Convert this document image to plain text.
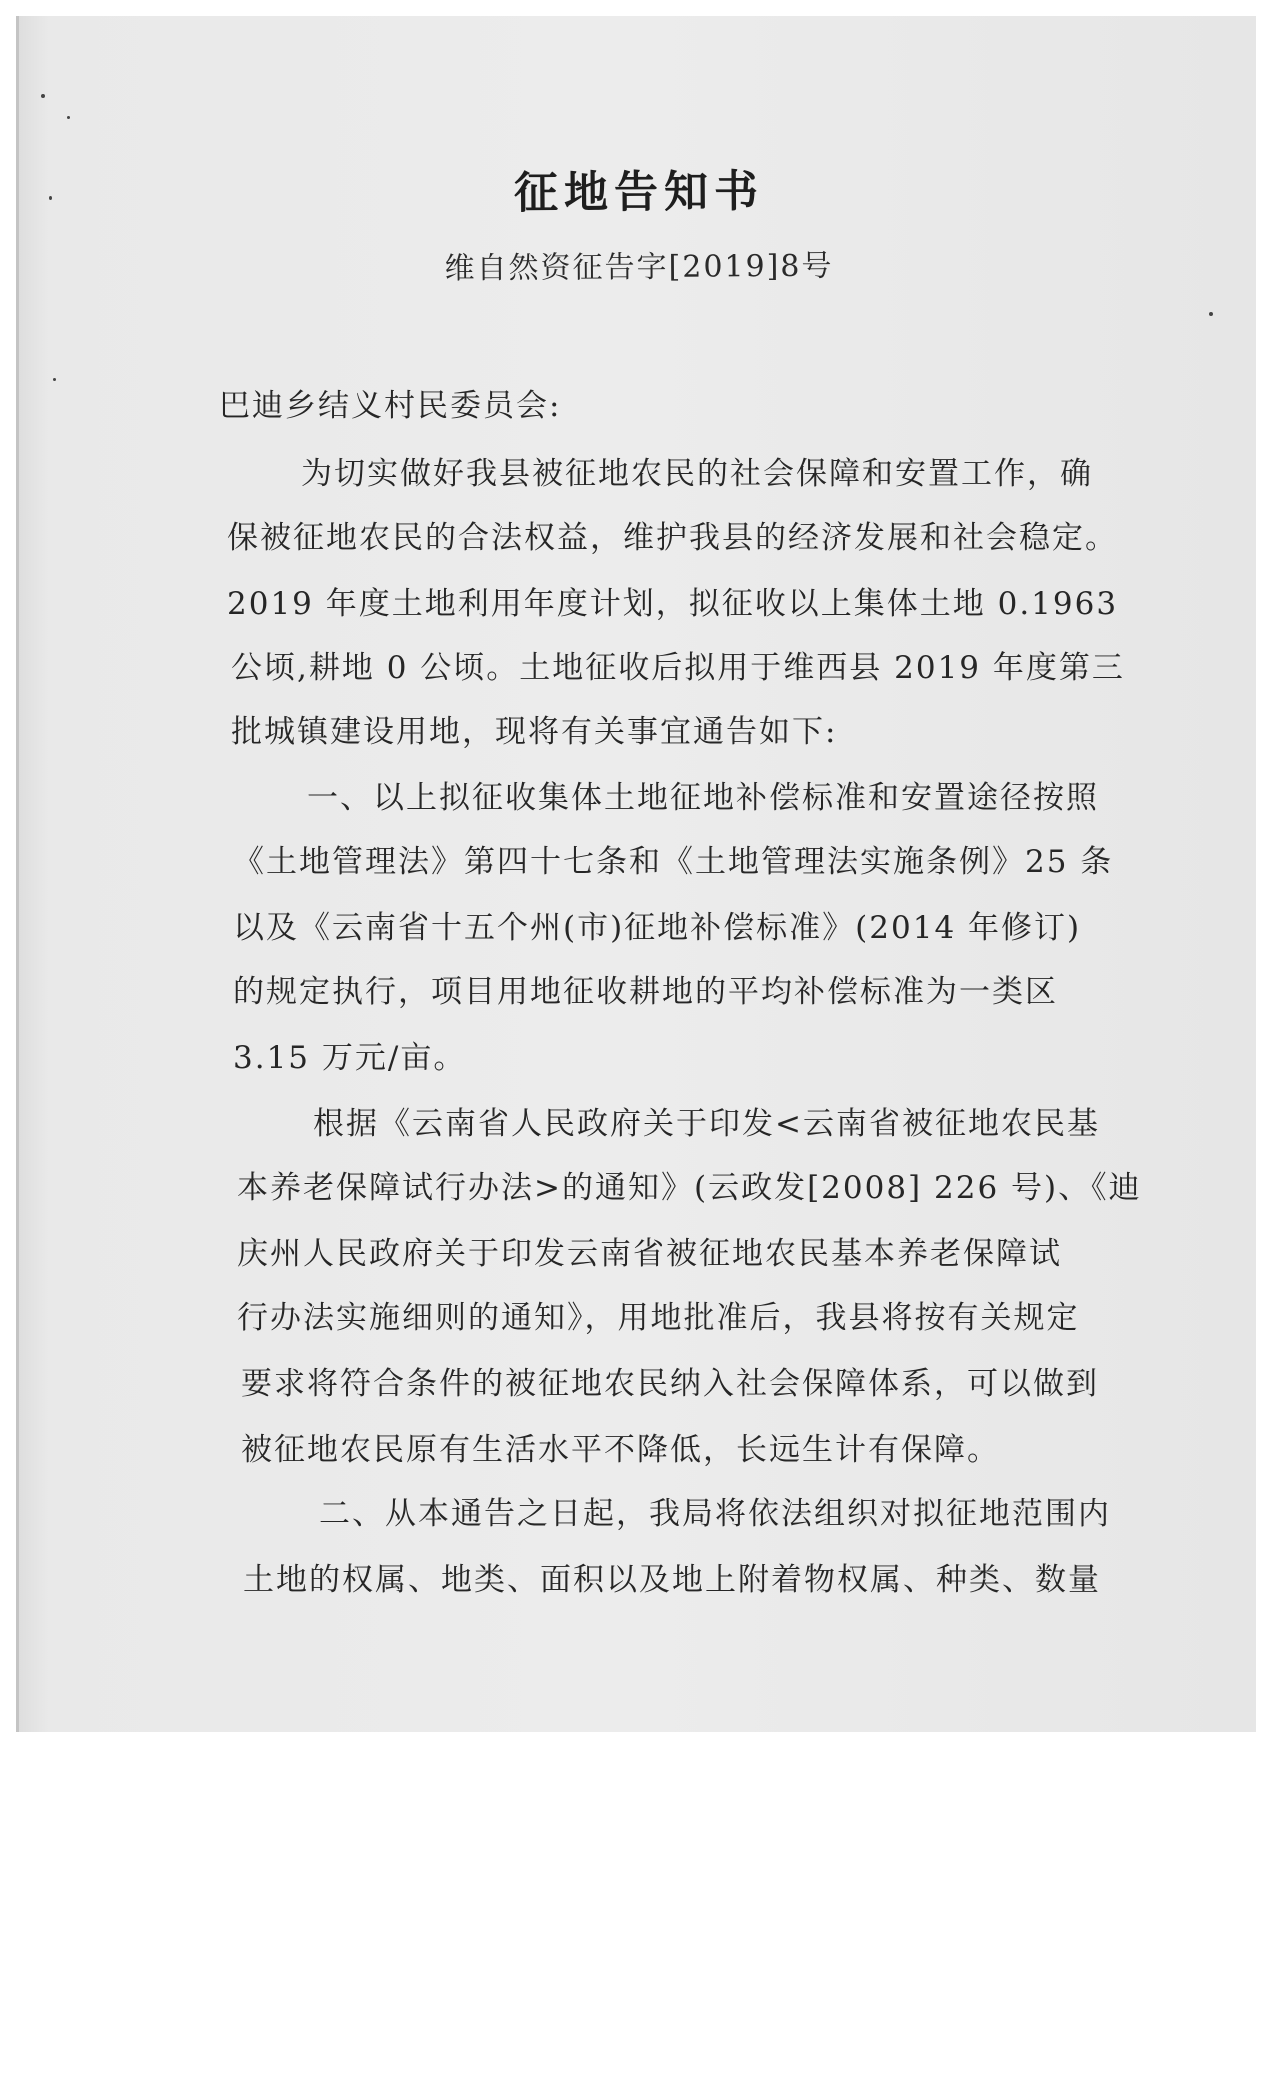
征地告知书
维自然资征告字[2019]8号
巴迪乡结义村民委员会:
为切实做好我县被征地农民的社会保障和安置工作，确
保被征地农民的合法权益，维护我县的经济发展和社会稳定。
2019 年度土地利用年度计划，拟征收以上集体土地 0.1963
公顷,耕地 0 公顷。土地征收后拟用于维西县 2019 年度第三
批城镇建设用地，现将有关事宜通告如下:
一、以上拟征收集体土地征地补偿标准和安置途径按照
《土地管理法》第四十七条和《土地管理法实施条例》25 条
以及《云南省十五个州(市)征地补偿标准》(2014 年修订)
的规定执行，项目用地征收耕地的平均补偿标准为一类区
3.15 万元/亩。
根据《云南省人民政府关于印发<云南省被征地农民基
本养老保障试行办法>的通知》(云政发[2008] 226 号)、《迪
庆州人民政府关于印发云南省被征地农民基本养老保障试
行办法实施细则的通知》，用地批准后，我县将按有关规定
要求将符合条件的被征地农民纳入社会保障体系，可以做到
被征地农民原有生活水平不降低，长远生计有保障。
二、从本通告之日起，我局将依法组织对拟征地范围内
土地的权属、地类、面积以及地上附着物权属、种类、数量
